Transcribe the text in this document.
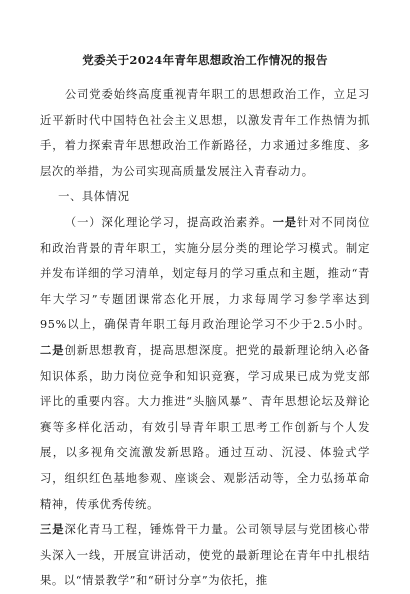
党委关于2024年青年思想政治工作情况的报告

公司党委始终高度重视青年职工的思想政治工作，立足习近平新时代中国特色社会主义思想，以激发青年工作热情为抓手，着力探索青年思想政治工作新路径，力求通过多维度、多层次的举措，为公司实现高质量发展注入青春动力。

一、具体情况

（一）深化理论学习，提高政治素养。一是针对不同岗位和政治背景的青年职工，实施分层分类的理论学习模式。制定并发布详细的学习清单，划定每月的学习重点和主题，推动“青年大学习”专题团课常态化开展，力求每周学习参学率达到95%以上，确保青年职工每月政治理论学习不少于2.5小时。二是创新思想教育，提高思想深度。把党的最新理论纳入必备知识体系，助力岗位竞争和知识竞赛，学习成果已成为党支部评比的重要内容。大力推进“头脑风暴”、青年思想论坛及辩论赛等多样化活动，有效引导青年职工思考工作创新与个人发展，以多视角交流激发新思路。通过互动、沉浸、体验式学习，组织红色基地参观、座谈会、观影活动等，全力弘扬革命精神，传承优秀传统。

三是深化青马工程，锤炼骨干力量。公司领导层与党团核心带头深入一线，开展宣讲活动，使党的最新理论在青年中扎根结果。以“情景教学”和“研讨分享”为依托，推
